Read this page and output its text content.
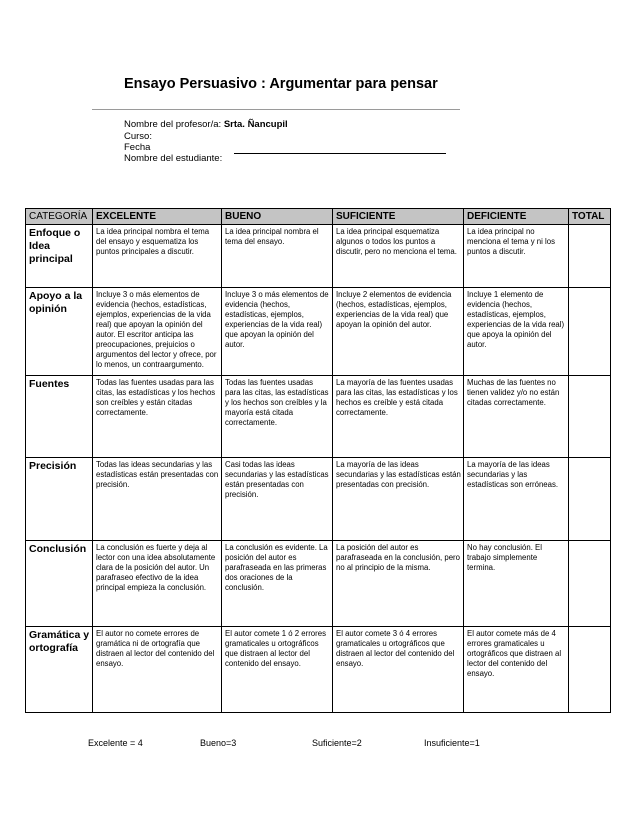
Ensayo Persuasivo : Argumentar para pensar
Nombre del profesor/a: Srta. Ñancupil
Curso:
Fecha
Nombre del estudiante:
CATEGORÍA	EXCELENTE	BUENO	SUFICIENTE	DEFICIENTE	TOTAL
Enfoque o Idea principal	La idea principal nombra el tema del ensayo y esquematiza los puntos principales a discutir.	La idea principal nombra el tema del ensayo.	La idea principal esquematiza algunos o todos los puntos a discutir, pero no menciona el tema.	La idea principal no menciona el tema y ni los puntos a discutir.	
Apoyo a la opinión	Incluye 3 o más elementos de evidencia (hechos, estadísticas, ejemplos, experiencias de la vida real) que apoyan la opinión del autor. El escritor anticipa las preocupaciones, prejuicios o argumentos del lector y ofrece, por lo menos, un contraargumento.	Incluye 3 o más elementos de evidencia (hechos, estadísticas, ejemplos, experiencias de la vida real) que apoyan la opinión del autor.	Incluye 2 elementos de evidencia (hechos, estadísticas, ejemplos, experiencias de la vida real) que apoyan la opinión del autor.	Incluye 1 elemento de evidencia (hechos, estadísticas, ejemplos, experiencias de la vida real) que apoya la opinión del autor.	
Fuentes	Todas las fuentes usadas para las citas, las estadísticas y los hechos son creíbles y están citadas correctamente.	Todas las fuentes usadas para las citas, las estadísticas y los hechos son creíbles y la mayoría está citada correctamente.	La mayoría de las fuentes usadas para las citas, las estadísticas y los hechos es creíble y está citada correctamente.	Muchas de las fuentes no tienen validez y/o no están citadas correctamente.	
Precisión	Todas las ideas secundarias y las estadísticas están presentadas con precisión.	Casi todas las ideas secundarias y las estadísticas están presentadas con precisión.	La mayoría de las ideas secundarias y las estadísticas están presentadas con precisión.	La mayoría de las ideas secundarias y las estadísticas son erróneas.	
Conclusión	La conclusión es fuerte y deja al lector con una idea absolutamente clara de la posición del autor. Un parafraseo efectivo de la idea principal empieza la conclusión.	La conclusión es evidente. La posición del autor es parafraseada en las primeras dos oraciones de la conclusión.	La posición del autor es parafraseada en la conclusión, pero no al principio de la misma.	No hay conclusión. El trabajo simplemente termina.	
Gramática y ortografía	El autor no comete errores de gramática ni de ortografía que distraen al lector del contenido del ensayo.	El autor comete 1 ó 2 errores gramaticales u ortográficos que distraen al lector del contenido del ensayo.	El autor comete 3 ó 4 errores gramaticales u ortográficos que distraen al lector del contenido del ensayo.	El autor comete más de 4 errores gramaticales u ortográficos que distraen al lector del contenido del ensayo.	
Excelente = 4	Bueno=3	Suficiente=2	Insuficiente=1
